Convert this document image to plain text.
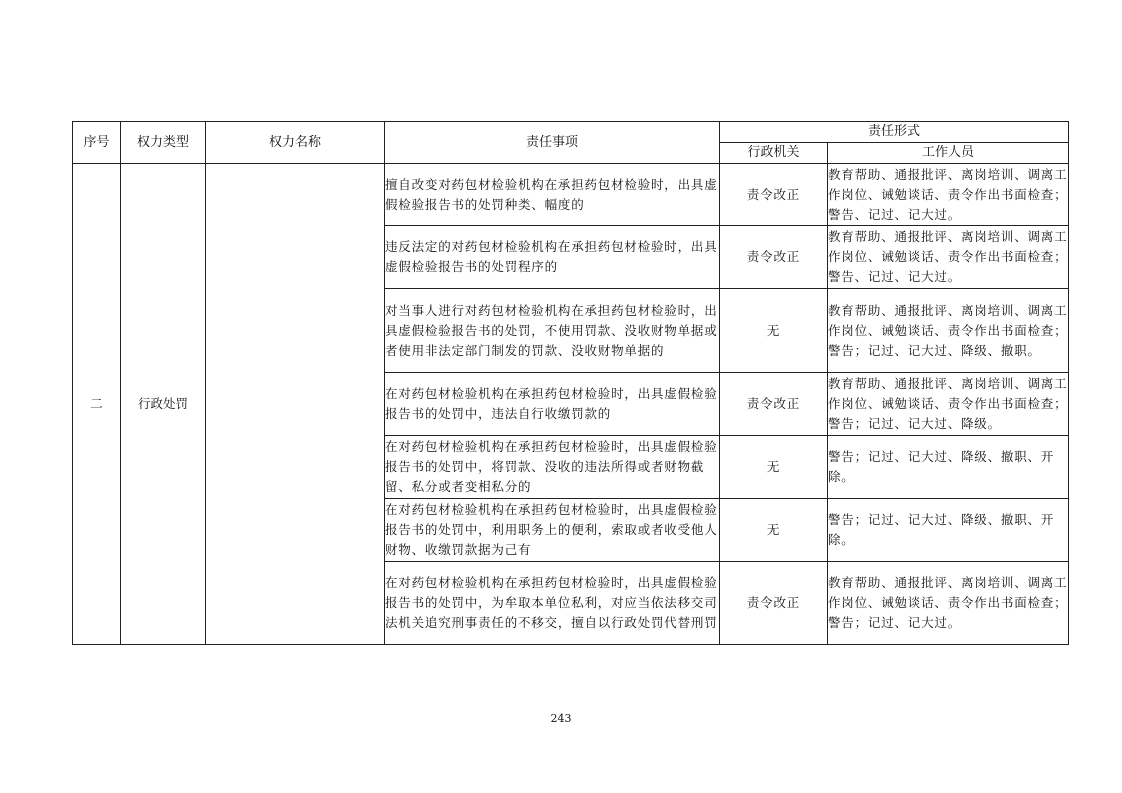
序号	权力类型	权力名称	责任事项	责任形式	
				行政机关	工作人员
二	行政处罚		擅自改变对药包材检验机构在承担药包材检验时，出具虚假检验报告书的处罚种类、幅度的	责令改正	教育帮助、通报批评、离岗培训、调离工作岗位、诫勉谈话、责令作出书面检查；警告、记过、记大过。
			违反法定的对药包材检验机构在承担药包材检验时，出具虚假检验报告书的处罚程序的	责令改正	教育帮助、通报批评、离岗培训、调离工作岗位、诫勉谈话、责令作出书面检查；警告、记过、记大过。
			对当事人进行对药包材检验机构在承担药包材检验时，出具虚假检验报告书的处罚，不使用罚款、没收财物单据或者使用非法定部门制发的罚款、没收财物单据的	无	教育帮助、通报批评、离岗培训、调离工作岗位、诫勉谈话、责令作出书面检查；警告；记过、记大过、降级、撤职。
			在对药包材检验机构在承担药包材检验时，出具虚假检验报告书的处罚中，违法自行收缴罚款的	责令改正	教育帮助、通报批评、离岗培训、调离工作岗位、诫勉谈话、责令作出书面检查；警告；记过、记大过、降级。
			在对药包材检验机构在承担药包材检验时，出具虚假检验报告书的处罚中，将罚款、没收的违法所得或者财物截留、私分或者变相私分的	无	警告；记过、记大过、降级、撤职、开除。
			在对药包材检验机构在承担药包材检验时，出具虚假检验报告书的处罚中，利用职务上的便利，索取或者收受他人财物、收缴罚款据为己有	无	警告；记过、记大过、降级、撤职、开除。
			在对药包材检验机构在承担药包材检验时，出具虚假检验报告书的处罚中，为牟取本单位私利，对应当依法移交司法机关追究刑事责任的不移交，擅自以行政处罚代替刑罚	责令改正	教育帮助、通报批评、离岗培训、调离工作岗位、诫勉谈话、责令作出书面检查；警告；记过、记大过。
243
